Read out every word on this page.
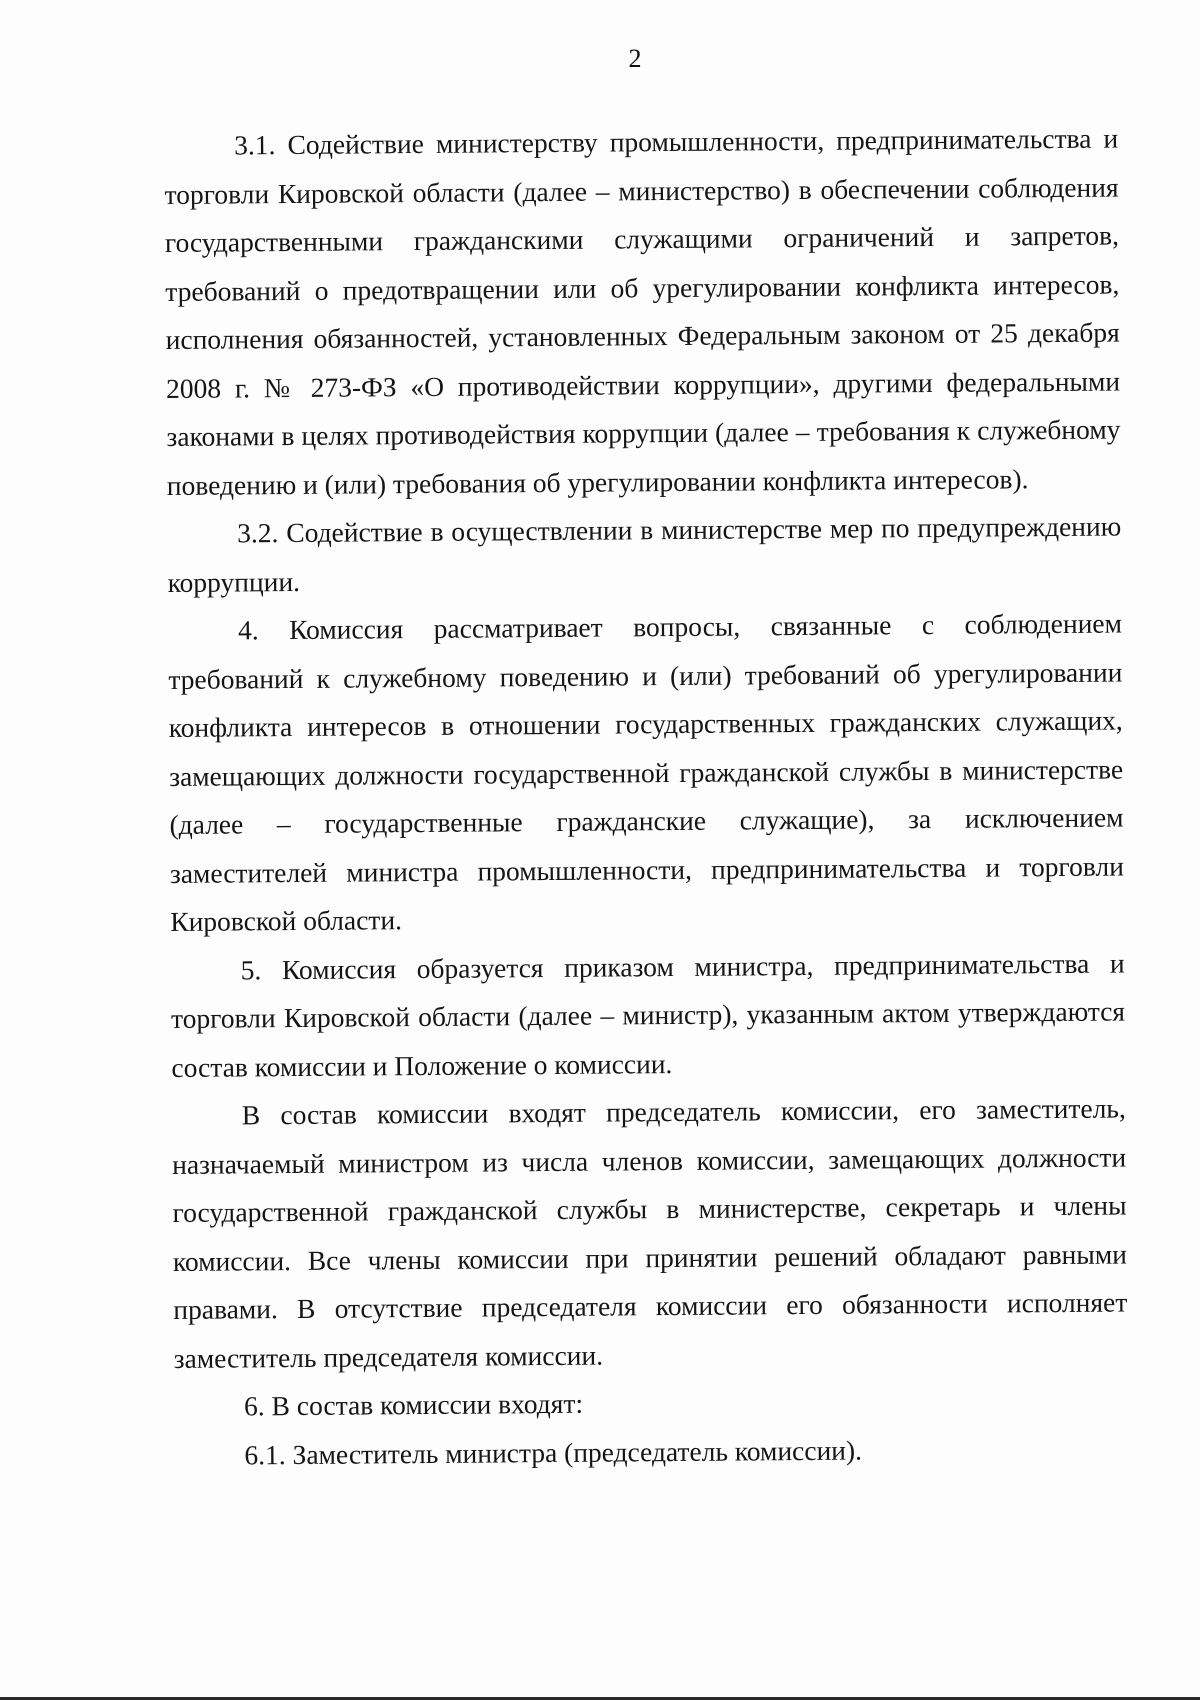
2

3.1. Содействие министерству промышленности, предпринимательства и торговли Кировской области (далее – министерство) в обеспечении соблюдения государственными гражданскими служащими ограничений и запретов, требований о предотвращении или об урегулировании конфликта интересов, исполнения обязанностей, установленных Федеральным законом от 25 декабря 2008 г. № 273-ФЗ «О противодействии коррупции», другими федеральными законами в целях противодействия коррупции (далее – требования к служебному поведению и (или) требования об урегулировании конфликта интересов).

3.2. Содействие в осуществлении в министерстве мер по предупреждению коррупции.

4. Комиссия рассматривает вопросы, связанные с соблюдением требований к служебному поведению и (или) требований об урегулировании конфликта интересов в отношении государственных гражданских служащих, замещающих должности государственной гражданской службы в министерстве (далее – государственные гражданские служащие), за исключением заместителей министра промышленности, предпринимательства и торговли Кировской области.

5. Комиссия образуется приказом министра, предпринимательства и торговли Кировской области (далее – министр), указанным актом утверждаются состав комиссии и Положение о комиссии.

В состав комиссии входят председатель комиссии, его заместитель, назначаемый министром из числа членов комиссии, замещающих должности государственной гражданской службы в министерстве, секретарь и члены комиссии. Все члены комиссии при принятии решений обладают равными правами. В отсутствие председателя комиссии его обязанности исполняет заместитель председателя комиссии.

6. В состав комиссии входят:

6.1. Заместитель министра (председатель комиссии).
